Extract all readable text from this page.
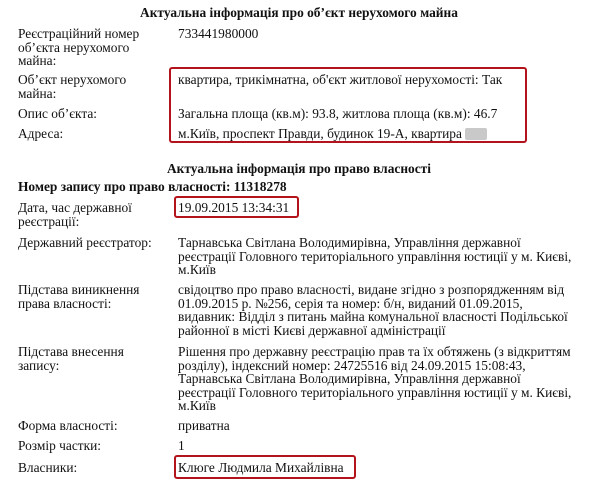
Актуальна інформація про об’єкт нерухомого майна
Реєстраційний номер
об’єкта нерухомого
майна:
733441980000
Об’єкт нерухомого
майна:
квартира, трикімнатна, об'єкт житлової нерухомості: Так
Опис об’єкта:	Загальна площа (кв.м): 93.8, житлова площа (кв.м): 46.7
Адреса:	м.Київ, проспект Правди, будинок 19-А, квартира
Актуальна інформація про право власності
Номер запису про право власності: 11318278
Дата, час державної
реєстрації:
19.09.2015 13:34:31
Державний реєстратор: Тарнавська Світлана Володимирівна, Управління державної
реєстрації Головного територіального управління юстиції у м. Києві,
м.Київ
Підстава виникнення
права власності:
свідоцтво про право власності, видане згідно з розпорядженням від
01.09.2015 р. №256, серія та номер: б/н, виданий 01.09.2015,
видавник: Відділ з питань майна комунальної власності Подільської
районної в місті Києві державної адміністрації
Підстава внесення
запису:
Рішення про державну реєстрацію прав та їх обтяжень (з відкриттям
розділу), індексний номер: 24725516 від 24.09.2015 15:08:43,
Тарнавська Світлана Володимирівна, Управління державної
реєстрації Головного територіального управління юстиції у м. Києві,
м.Київ
Форма власності:	приватна
Розмір частки:	1
Власники:	Клюге Людмила Михайлівна
